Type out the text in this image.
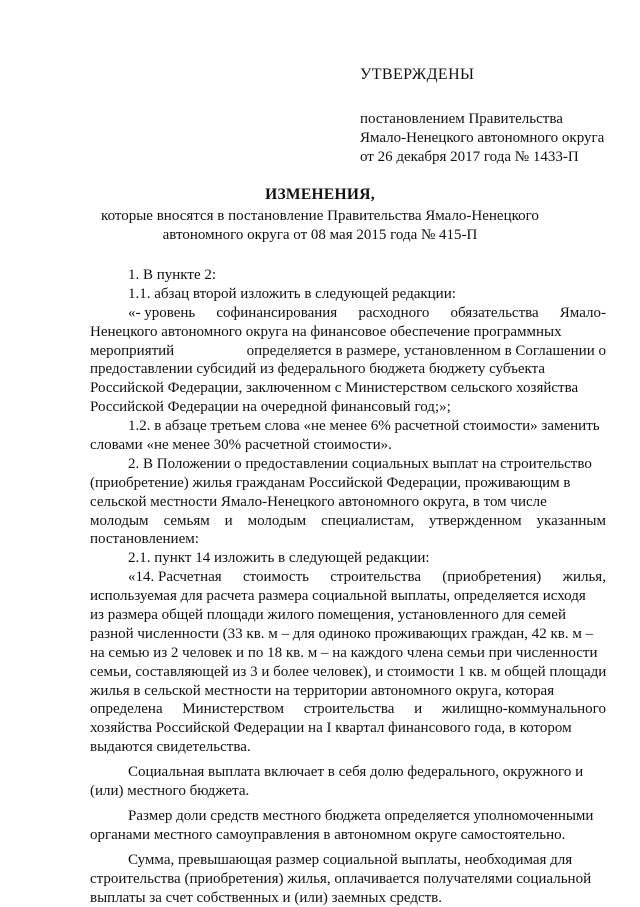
УТВЕРЖДЕНЫ
постановлением Правительства
Ямало-Ненецкого автономного округа
от 26 декабря 2017 года № 1433-П
ИЗМЕНЕНИЯ,
которые вносятся в постановление Правительства Ямало-Ненецкого
автономного округа от 08 мая 2015 года № 415-П
1. В пункте 2:
1.1. абзац второй изложить в следующей редакции:
«- уровень софинансирования расходного обязательства Ямало-
Ненецкого автономного округа на финансовое обеспечение программных
мероприятий	определяется в размере, установленном в Соглашении о
предоставлении субсидий из федерального бюджета бюджету субъекта
Российской Федерации, заключенном с Министерством сельского хозяйства
Российской Федерации на очередной финансовый год;»;
1.2. в абзаце третьем слова «не менее 6% расчетной стоимости» заменить
словами «не менее 30% расчетной стоимости».
2. В Положении о предоставлении социальных выплат на строительство
(приобретение) жилья гражданам Российской Федерации, проживающим в
сельской местности Ямало-Ненецкого автономного округа, в том числе
молодым семьям и молодым специалистам, утвержденном указанным
постановлением:
2.1. пункт 14 изложить в следующей редакции:
«14. Расчетная стоимость строительства (приобретения) жилья,
используемая для расчета размера социальной выплаты, определяется исходя
из размера общей площади жилого помещения, установленного для семей
разной численности (33 кв. м – для одиноко проживающих граждан, 42 кв. м –
на семью из 2 человек и по 18 кв. м – на каждого члена семьи при численности
семьи, составляющей из 3 и более человек), и стоимости 1 кв. м общей площади
жилья в сельской местности на территории автономного округа, которая
определена Министерством строительства и жилищно-коммунального
хозяйства Российской Федерации на I квартал финансового года, в котором
выдаются свидетельства.
Социальная выплата включает в себя долю федерального, окружного и
(или) местного бюджета.
Размер доли средств местного бюджета определяется уполномоченными
органами местного самоуправления в автономном округе самостоятельно.
Сумма, превышающая размер социальной выплаты, необходимая для
строительства (приобретения) жилья, оплачивается получателями социальной
выплаты за счет собственных и (или) заемных средств.
